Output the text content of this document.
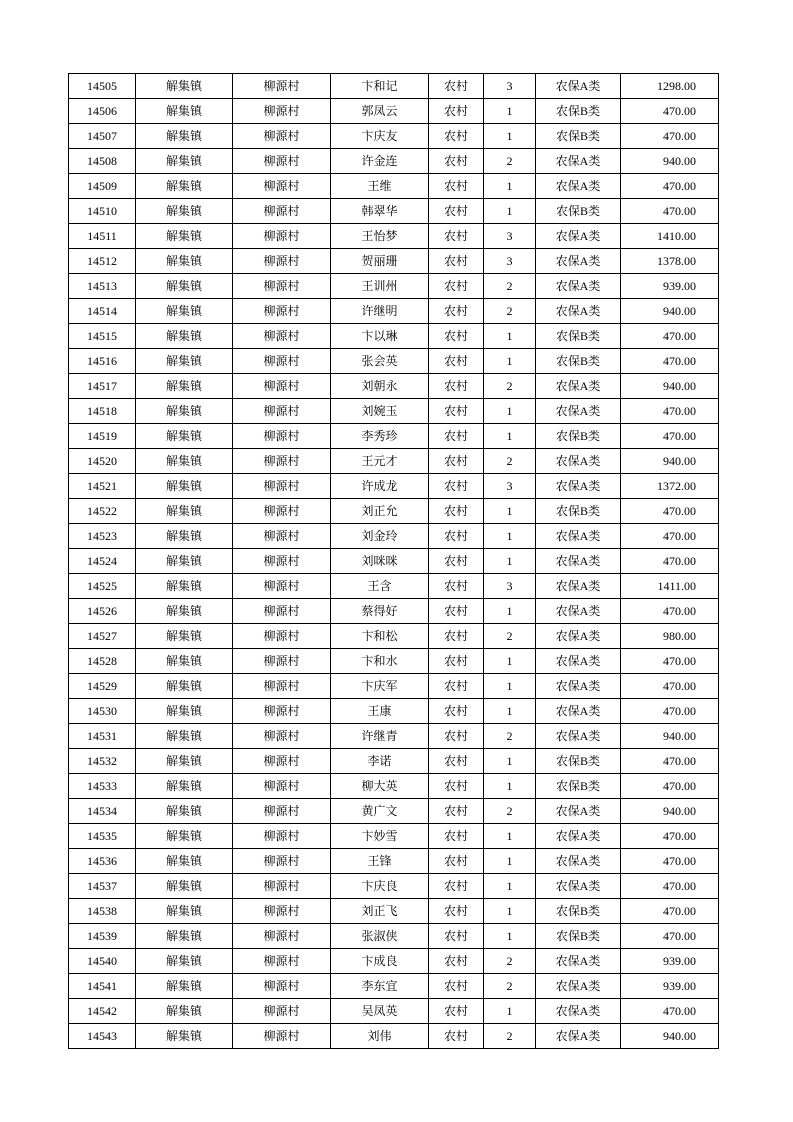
14505	解集镇	柳源村	卞和记	农村	3	农保A类	1298.00
14506	解集镇	柳源村	郭凤云	农村	1	农保B类	470.00
14507	解集镇	柳源村	卞庆友	农村	1	农保B类	470.00
14508	解集镇	柳源村	许金连	农村	2	农保A类	940.00
14509	解集镇	柳源村	王维	农村	1	农保A类	470.00
14510	解集镇	柳源村	韩翠华	农村	1	农保B类	470.00
14511	解集镇	柳源村	王怡梦	农村	3	农保A类	1410.00
14512	解集镇	柳源村	贺丽珊	农村	3	农保A类	1378.00
14513	解集镇	柳源村	王训州	农村	2	农保A类	939.00
14514	解集镇	柳源村	许继明	农村	2	农保A类	940.00
14515	解集镇	柳源村	卞以琳	农村	1	农保B类	470.00
14516	解集镇	柳源村	张会英	农村	1	农保B类	470.00
14517	解集镇	柳源村	刘朝永	农村	2	农保A类	940.00
14518	解集镇	柳源村	刘婉玉	农村	1	农保A类	470.00
14519	解集镇	柳源村	李秀珍	农村	1	农保B类	470.00
14520	解集镇	柳源村	王元才	农村	2	农保A类	940.00
14521	解集镇	柳源村	许成龙	农村	3	农保A类	1372.00
14522	解集镇	柳源村	刘正允	农村	1	农保B类	470.00
14523	解集镇	柳源村	刘金玲	农村	1	农保A类	470.00
14524	解集镇	柳源村	刘咪咪	农村	1	农保A类	470.00
14525	解集镇	柳源村	王含	农村	3	农保A类	1411.00
14526	解集镇	柳源村	蔡得好	农村	1	农保A类	470.00
14527	解集镇	柳源村	卞和松	农村	2	农保A类	980.00
14528	解集镇	柳源村	卞和水	农村	1	农保A类	470.00
14529	解集镇	柳源村	卞庆军	农村	1	农保A类	470.00
14530	解集镇	柳源村	王康	农村	1	农保A类	470.00
14531	解集镇	柳源村	许继青	农村	2	农保A类	940.00
14532	解集镇	柳源村	李诺	农村	1	农保B类	470.00
14533	解集镇	柳源村	柳大英	农村	1	农保B类	470.00
14534	解集镇	柳源村	黄广文	农村	2	农保A类	940.00
14535	解集镇	柳源村	卞妙雪	农村	1	农保A类	470.00
14536	解集镇	柳源村	王锋	农村	1	农保A类	470.00
14537	解集镇	柳源村	卞庆良	农村	1	农保A类	470.00
14538	解集镇	柳源村	刘正飞	农村	1	农保B类	470.00
14539	解集镇	柳源村	张淑侠	农村	1	农保B类	470.00
14540	解集镇	柳源村	卞成良	农村	2	农保A类	939.00
14541	解集镇	柳源村	李东宜	农村	2	农保A类	939.00
14542	解集镇	柳源村	吴凤英	农村	1	农保A类	470.00
14543	解集镇	柳源村	刘伟	农村	2	农保A类	940.00
